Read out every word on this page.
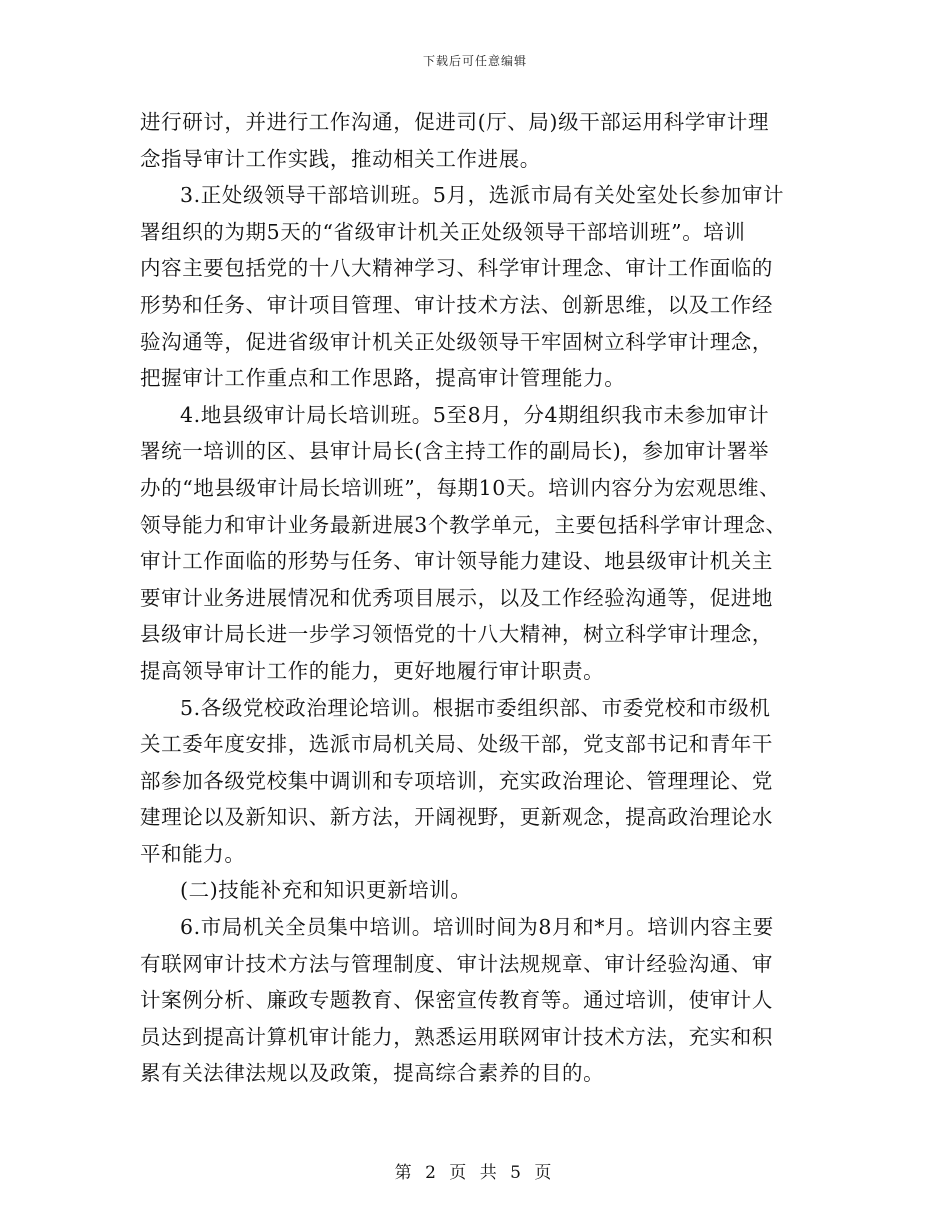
下载后可任意编辑
进行研讨，并进行工作沟通，促进司(厅、局)级干部运用科学审计理
念指导审计工作实践，推动相关工作进展。
3.正处级领导干部培训班。5月，选派市局有关处室处长参加审计
署组织的为期5天的“省级审计机关正处级领导干部培训班”。培训
内容主要包括党的十八大精神学习、科学审计理念、审计工作面临的
形势和任务、审计项目管理、审计技术方法、创新思维，以及工作经
验沟通等，促进省级审计机关正处级领导干牢固树立科学审计理念，
把握审计工作重点和工作思路，提高审计管理能力。
4.地县级审计局长培训班。5至8月，分4期组织我市未参加审计
署统一培训的区、县审计局长(含主持工作的副局长)，参加审计署举
办的“地县级审计局长培训班”，每期10天。培训内容分为宏观思维、
领导能力和审计业务最新进展3个教学单元，主要包括科学审计理念、
审计工作面临的形势与任务、审计领导能力建设、地县级审计机关主
要审计业务进展情况和优秀项目展示，以及工作经验沟通等，促进地
县级审计局长进一步学习领悟党的十八大精神，树立科学审计理念，
提高领导审计工作的能力，更好地履行审计职责。
5.各级党校政治理论培训。根据市委组织部、市委党校和市级机
关工委年度安排，选派市局机关局、处级干部，党支部书记和青年干
部参加各级党校集中调训和专项培训，充实政治理论、管理理论、党
建理论以及新知识、新方法，开阔视野，更新观念，提高政治理论水
平和能力。
(二)技能补充和知识更新培训。
6.市局机关全员集中培训。培训时间为8月和*月。培训内容主要
有联网审计技术方法与管理制度、审计法规规章、审计经验沟通、审
计案例分析、廉政专题教育、保密宣传教育等。通过培训，使审计人
员达到提高计算机审计能力，熟悉运用联网审计技术方法，充实和积
累有关法律法规以及政策，提高综合素养的目的。
第 2 页 共 5 页
